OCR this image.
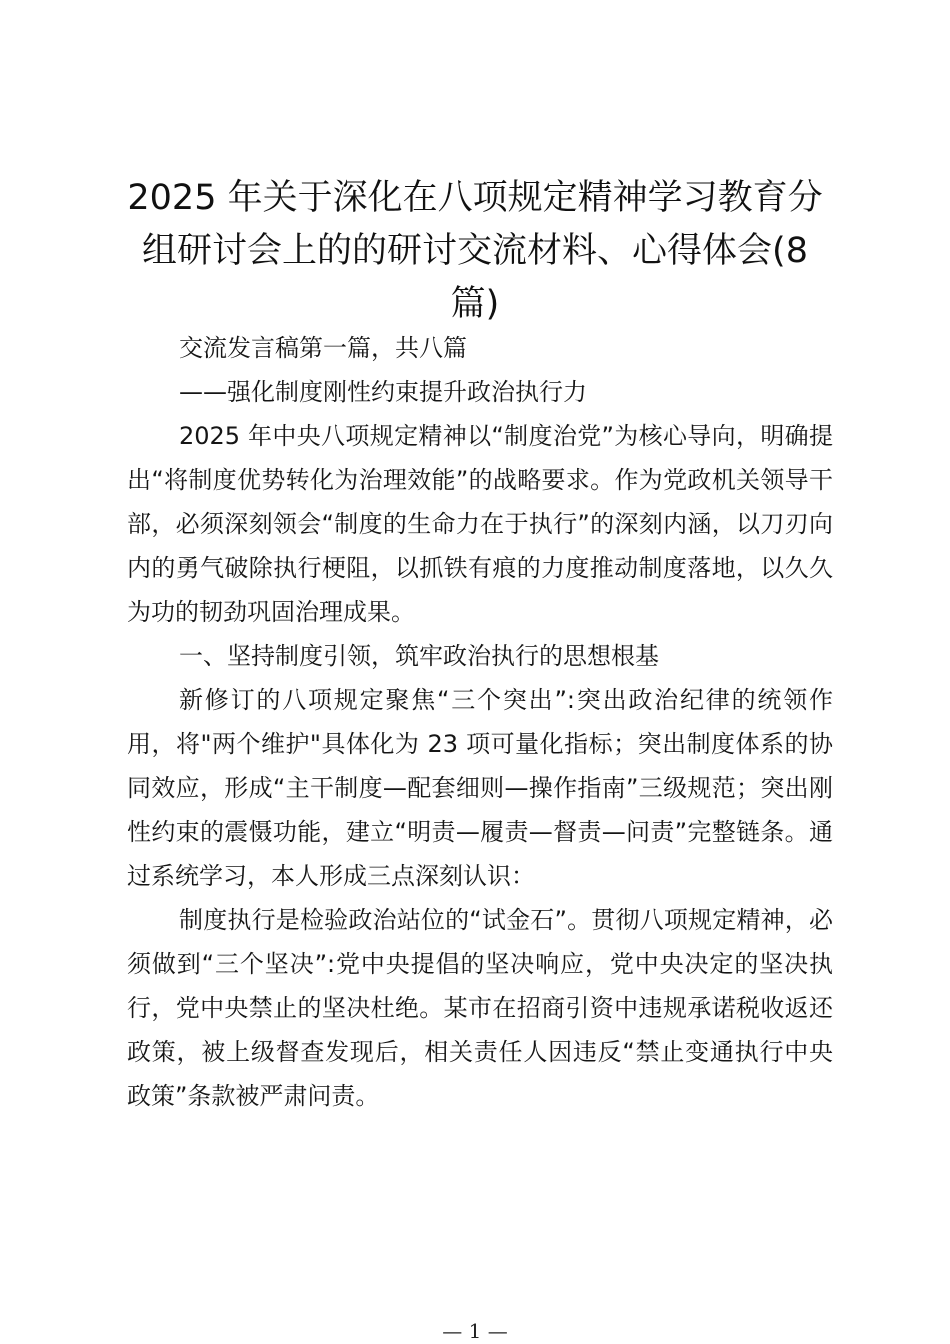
2025 年关于深化在八项规定精神学习教育分组研讨会上的的研讨交流材料、心得体会(8篇)

交流发言稿第一篇，共八篇

——强化制度刚性约束提升政治执行力

2025 年中央八项规定精神以“制度治党”为核心导向，明确提出“将制度优势转化为治理效能”的战略要求。作为党政机关领导干部，必须深刻领会“制度的生命力在于执行”的深刻内涵，以刀刃向内的勇气破除执行梗阻，以抓铁有痕的力度推动制度落地，以久久为功的韧劲巩固治理成果。

一、坚持制度引领，筑牢政治执行的思想根基

新修订的八项规定聚焦“三个突出”:突出政治纪律的统领作用，将"两个维护"具体化为 23 项可量化指标；突出制度体系的协同效应，形成“主干制度—配套细则—操作指南”三级规范；突出刚性约束的震慑功能，建立“明责—履责—督责—问责”完整链条。通过系统学习，本人形成三点深刻认识：

制度执行是检验政治站位的“试金石”。贯彻八项规定精神，必须做到“三个坚决”:党中央提倡的坚决响应，党中央决定的坚决执行，党中央禁止的坚决杜绝。某市在招商引资中违规承诺税收返还政策，被上级督查发现后，相关责任人因违反“禁止变通执行中央政策”条款被严肃问责。

— 1 —
